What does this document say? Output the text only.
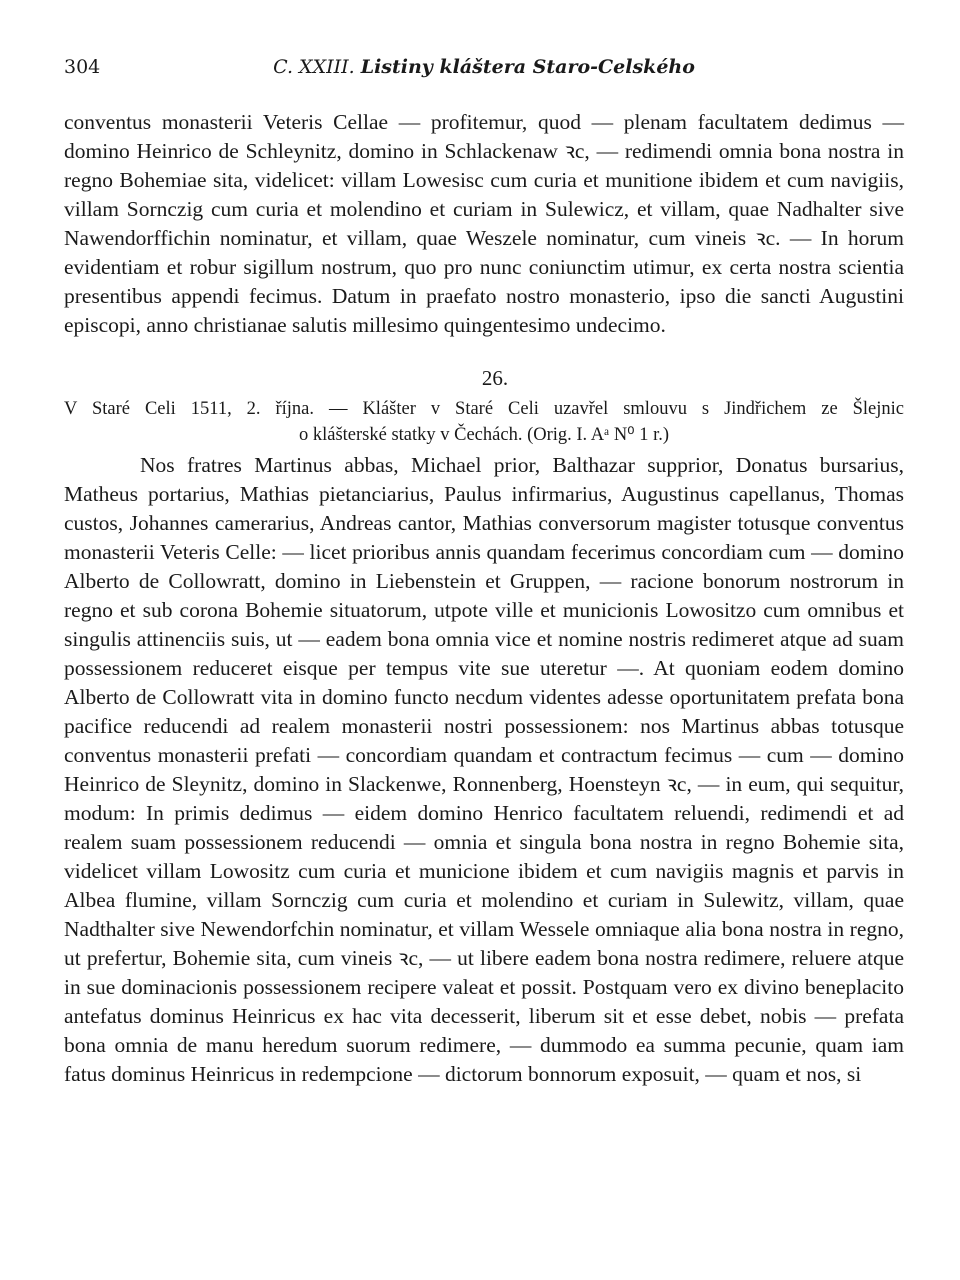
304	C. XXIII. Listiny kláštera Staro-Celského

conventus monasterii Veteris Cellae — profitemur, quod — plenam facultatem dedimus — domino Heinrico de Schleynitz, domino in Schlackenaw ꝛc, — redimendi omnia bona nostra in regno Bohemiae sita, videlicet: villam Lowesisc cum curia et munitione ibidem et cum navigiis, villam Sornczig cum curia et molendino et curiam in Sulewicz, et villam, quae Nadhalter sive Nawendorffichin nominatur, et villam, quae Weszele nominatur, cum vineis ꝛc. — In horum evidentiam et robur sigillum nostrum, quo pro nunc coniunctim utimur, ex certa nostra scientia presentibus appendi fecimus. Datum in praefato nostro monasterio, ipso die sancti Augustini episcopi, anno christianae salutis millesimo quingentesimo undecimo.

26.
V Staré Celi 1511, 2. října. — Klášter v Staré Celi uzavřel smlouvu s Jindřichem ze Šlejnic
o klášterské statky v Čechách. (Orig. I. Aᵃ N⁰ 1 r.)

Nos fratres Martinus abbas, Michael prior, Balthazar supprior, Donatus bursarius, Matheus portarius, Mathias pietanciarius, Paulus infirmarius, Augustinus capellanus, Thomas custos, Johannes camerarius, Andreas cantor, Mathias conversorum magister totusque conventus monasterii Veteris Celle: — licet prioribus annis quandam fecerimus concordiam cum — domino Alberto de Collowratt, domino in Liebenstein et Gruppen, — racione bonorum nostrorum in regno et sub corona Bohemie situatorum, utpote ville et municionis Lowositzo cum omnibus et singulis attinenciis suis, ut — eadem bona omnia vice et nomine nostris redimeret atque ad suam possessionem reduceret eisque per tempus vite sue uteretur —. At quoniam eodem domino Alberto de Collowratt vita in domino functo necdum videntes adesse oportunitatem prefata bona pacifice reducendi ad realem monasterii nostri possessionem: nos Martinus abbas totusque conventus monasterii prefati — concordiam quandam et contractum fecimus — cum — domino Heinrico de Sleynitz, domino in Slackenwe, Ronnenberg, Hoensteyn ꝛc, — in eum, qui sequitur, modum: In primis dedimus — eidem domino Henrico facultatem reluendi, redimendi et ad realem suam possessionem reducendi — omnia et singula bona nostra in regno Bohemie sita, videlicet villam Lowositz cum curia et municione ibidem et cum navigiis magnis et parvis in Albea flumine, villam Sornczig cum curia et molendino et curiam in Sulewitz, villam, quae Nadthalter sive Newendorfchin nominatur, et villam Wessele omniaque alia bona nostra in regno, ut prefertur, Bohemie sita, cum vineis ꝛc, — ut libere eadem bona nostra redimere, reluere atque in sue dominacionis possessionem recipere valeat et possit. Postquam vero ex divino beneplacito antefatus dominus Heinricus ex hac vita decesserit, liberum sit et esse debet, nobis — prefata bona omnia de manu heredum suorum redimere, — dummodo ea summa pecunie, quam iam fatus dominus Heinricus in redempcione — dictorum bonnorum exposuit, — quam et nos, si
